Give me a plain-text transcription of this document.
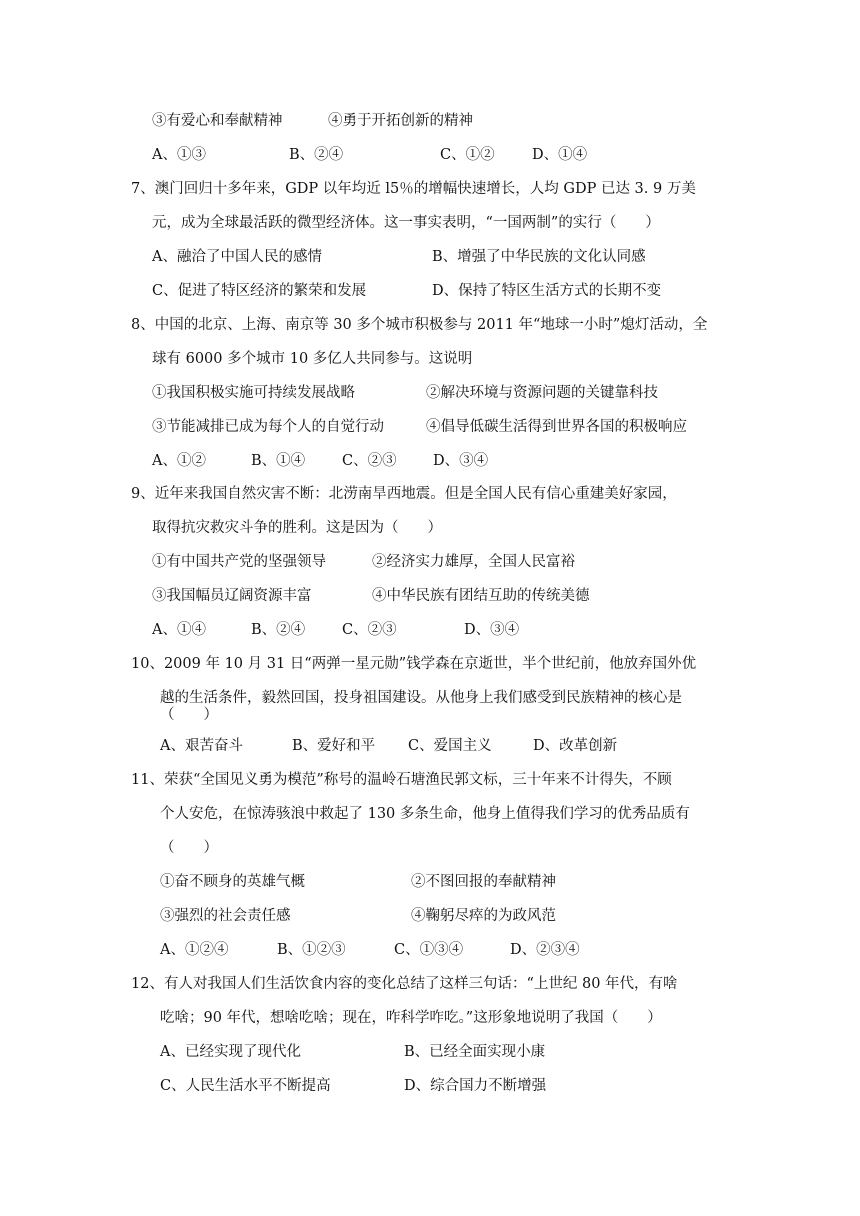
③有爱心和奉献精神	④勇于开拓创新的精神
A、①③	B、②④	C、①②	D、①④
7、澳门回归十多年来，GDP 以年均近 l5％的增幅快速增长，人均 GDP 已达 3. 9 万美
元，成为全球最活跃的微型经济体。这一事实表明，“一国两制”的实行（　　）
A、融洽了中国人民的感情	B、增强了中华民族的文化认同感
C、促进了特区经济的繁荣和发展	D、保持了特区生活方式的长期不变
8、中国的北京、上海、南京等 30 多个城市积极参与 2011 年“地球一小时”熄灯活动，全
球有 6000 多个城市 10 多亿人共同参与。这说明
①我国积极实施可持续发展战略	②解决环境与资源问题的关键靠科技
③节能减排已成为每个人的自觉行动	④倡导低碳生活得到世界各国的积极响应
A、①②	B、①④	C、②③	D、③④
9、近年来我国自然灾害不断：北涝南旱西地震。但是全国人民有信心重建美好家园，
取得抗灾救灾斗争的胜利。这是因为（　　）
①有中国共产党的坚强领导	②经济实力雄厚，全国人民富裕
③我国幅员辽阔资源丰富	④中华民族有团结互助的传统美德
A、①④	B、②④	C、②③	D、③④
10、2009 年 10 月 31 日“两弹一星元勋”钱学森在京逝世，半个世纪前，他放弃国外优
越的生活条件，毅然回国，投身祖国建设。从他身上我们感受到民族精神的核心是
（　　）
A、艰苦奋斗	B、爱好和平 C、爱国主义	D、改革创新
11、荣获“全国见义勇为模范”称号的温岭石塘渔民郭文标，三十年来不计得失，不顾
个人安危，在惊涛骇浪中救起了 130 多条生命，他身上值得我们学习的优秀品质有
（　　）
①奋不顾身的英雄气概	②不图回报的奉献精神
③强烈的社会责任感	④鞠躬尽瘁的为政风范
A、①②④	B、①②③	C、①③④	D、②③④
12、有人对我国人们生活饮食内容的变化总结了这样三句话：“上世纪 80 年代，有啥
吃啥；90 年代，想啥吃啥；现在，咋科学咋吃。”这形象地说明了我国（　　）
A、已经实现了现代化	B、已经全面实现小康
C、人民生活水平不断提高	D、综合国力不断增强
